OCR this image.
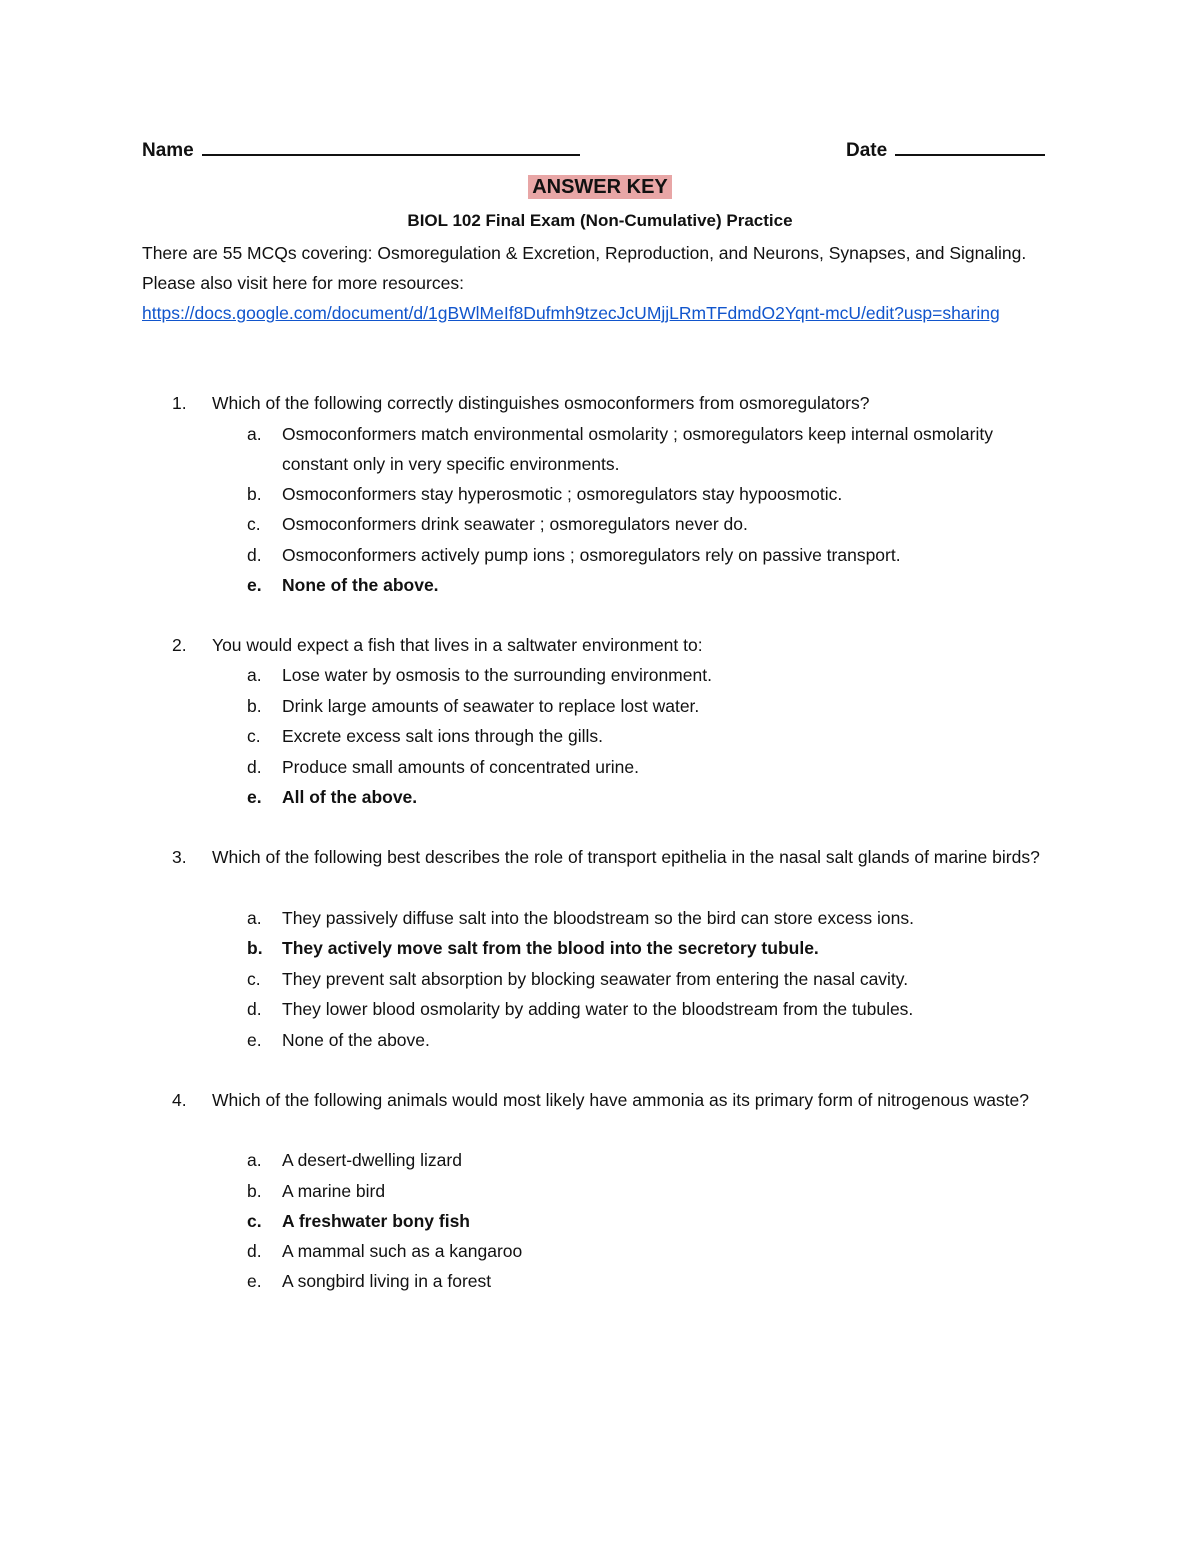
Name	Date
ANSWER KEY
BIOL 102 Final Exam (Non-Cumulative) Practice
There are 55 MCQs covering: Osmoregulation & Excretion, Reproduction, and Neurons, Synapses, and Signaling. Please also visit here for more resources:
https://docs.google.com/document/d/1gBWlMeIf8Dufmh9tzecJcUMjjLRmTFdmdO2Yqnt-mcU/edit?usp=sharing
1. Which of the following correctly distinguishes osmoconformers from osmoregulators?
a. Osmoconformers match environmental osmolarity ; osmoregulators keep internal osmolarity constant only in very specific environments.
b. Osmoconformers stay hyperosmotic ; osmoregulators stay hypoosmotic.
c. Osmoconformers drink seawater ; osmoregulators never do.
d. Osmoconformers actively pump ions ; osmoregulators rely on passive transport.
e. None of the above.
2. You would expect a fish that lives in a saltwater environment to:
a. Lose water by osmosis to the surrounding environment.
b. Drink large amounts of seawater to replace lost water.
c. Excrete excess salt ions through the gills.
d. Produce small amounts of concentrated urine.
e. All of the above.
3. Which of the following best describes the role of transport epithelia in the nasal salt glands of marine birds?
a. They passively diffuse salt into the bloodstream so the bird can store excess ions.
b. They actively move salt from the blood into the secretory tubule.
c. They prevent salt absorption by blocking seawater from entering the nasal cavity.
d. They lower blood osmolarity by adding water to the bloodstream from the tubules.
e. None of the above.
4. Which of the following animals would most likely have ammonia as its primary form of nitrogenous waste?
a. A desert-dwelling lizard
b. A marine bird
c. A freshwater bony fish
d. A mammal such as a kangaroo
e. A songbird living in a forest
